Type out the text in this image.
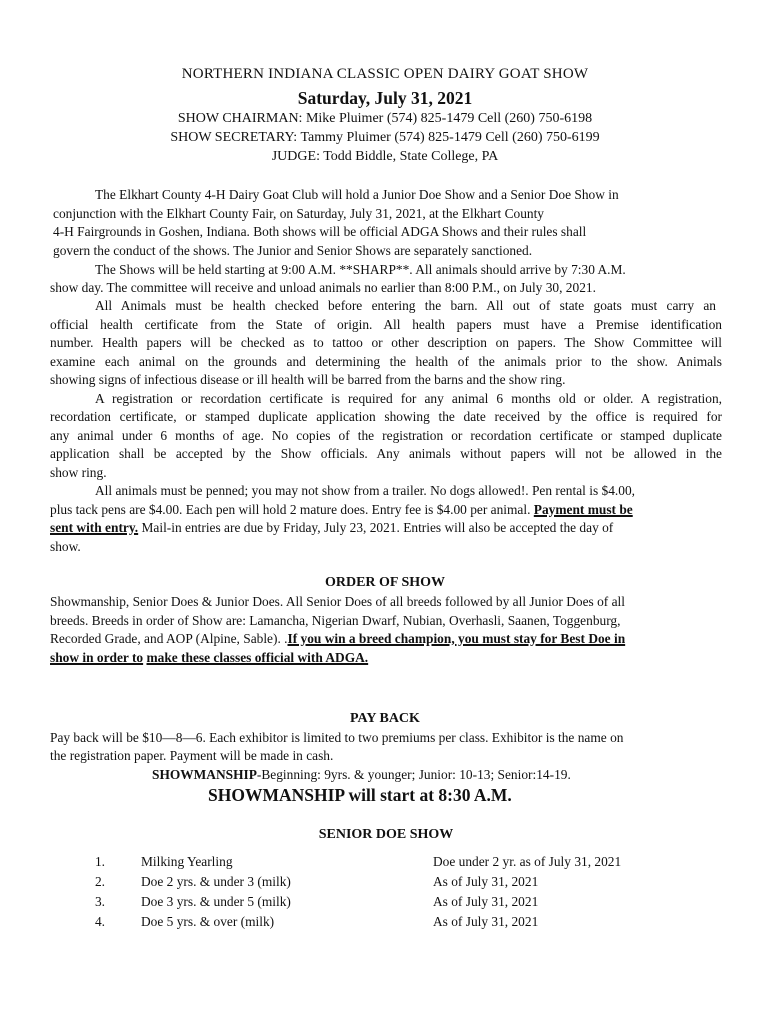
NORTHERN INDIANA CLASSIC OPEN DAIRY GOAT SHOW
Saturday, July 31, 2021
SHOW CHAIRMAN: Mike Pluimer (574) 825-1479 Cell (260) 750-6198
SHOW SECRETARY: Tammy Pluimer (574) 825-1479 Cell (260) 750-6199
JUDGE: Todd Biddle, State College, PA
The Elkhart County 4-H Dairy Goat Club will hold a Junior Doe Show and a Senior Doe Show in
conjunction with the Elkhart County Fair, on Saturday, July 31, 2021, at the Elkhart County
4-H Fairgrounds in Goshen, Indiana. Both shows will be official ADGA Shows and their rules shall
govern the conduct of the shows. The Junior and Senior Shows are separately sanctioned.
The Shows will be held starting at 9:00 A.M. **SHARP**. All animals should arrive by 7:30 A.M.
show day. The committee will receive and unload animals no earlier than 8:00 P.M., on July 30, 2021.
All Animals must be health checked before entering the barn. All out of state goats must carry an
official health certificate from the State of origin. All health papers must have a Premise identification
number. Health papers will be checked as to tattoo or other description on papers. The Show Committee will
examine each animal on the grounds and determining the health of the animals prior to the show. Animals
showing signs of infectious disease or ill health will be barred from the barns and the show ring.
A registration or recordation certificate is required for any animal 6 months old or older. A registration,
recordation certificate, or stamped duplicate application showing the date received by the office is required for
any animal under 6 months of age. No copies of the registration or recordation certificate or stamped duplicate
application shall be accepted by the Show officials. Any animals without papers will not be allowed in the
show ring.
All animals must be penned; you may not show from a trailer. No dogs allowed!. Pen rental is $4.00,
plus tack pens are $4.00. Each pen will hold 2 mature does. Entry fee is $4.00 per animal. Payment must be
sent with entry. Mail-in entries are due by Friday, July 23, 2021. Entries will also be accepted the day of
show.
ORDER OF SHOW
Showmanship, Senior Does & Junior Does. All Senior Does of all breeds followed by all Junior Does of all
breeds. Breeds in order of Show are: Lamancha, Nigerian Dwarf, Nubian, Overhasli, Saanen, Toggenburg,
Recorded Grade, and AOP (Alpine, Sable). .If you win a breed champion, you must stay for Best Doe in
show in order to make these classes official with ADGA.
PAY BACK
Pay back will be $10—8—6. Each exhibitor is limited to two premiums per class. Exhibitor is the name on
the registration paper. Payment will be made in cash.
SHOWMANSHIP-Beginning: 9yrs. & younger; Junior: 10-13; Senior:14-19.
SHOWMANSHIP will start at 8:30 A.M.
SENIOR DOE SHOW
1.	Milking Yearling	Doe under 2 yr. as of July 31, 2021
2.	Doe 2 yrs. & under 3 (milk)	As of July 31, 2021
3.	Doe 3 yrs. & under 5 (milk)	As of July 31, 2021
4.	Doe 5 yrs. & over (milk)	As of July 31, 2021
